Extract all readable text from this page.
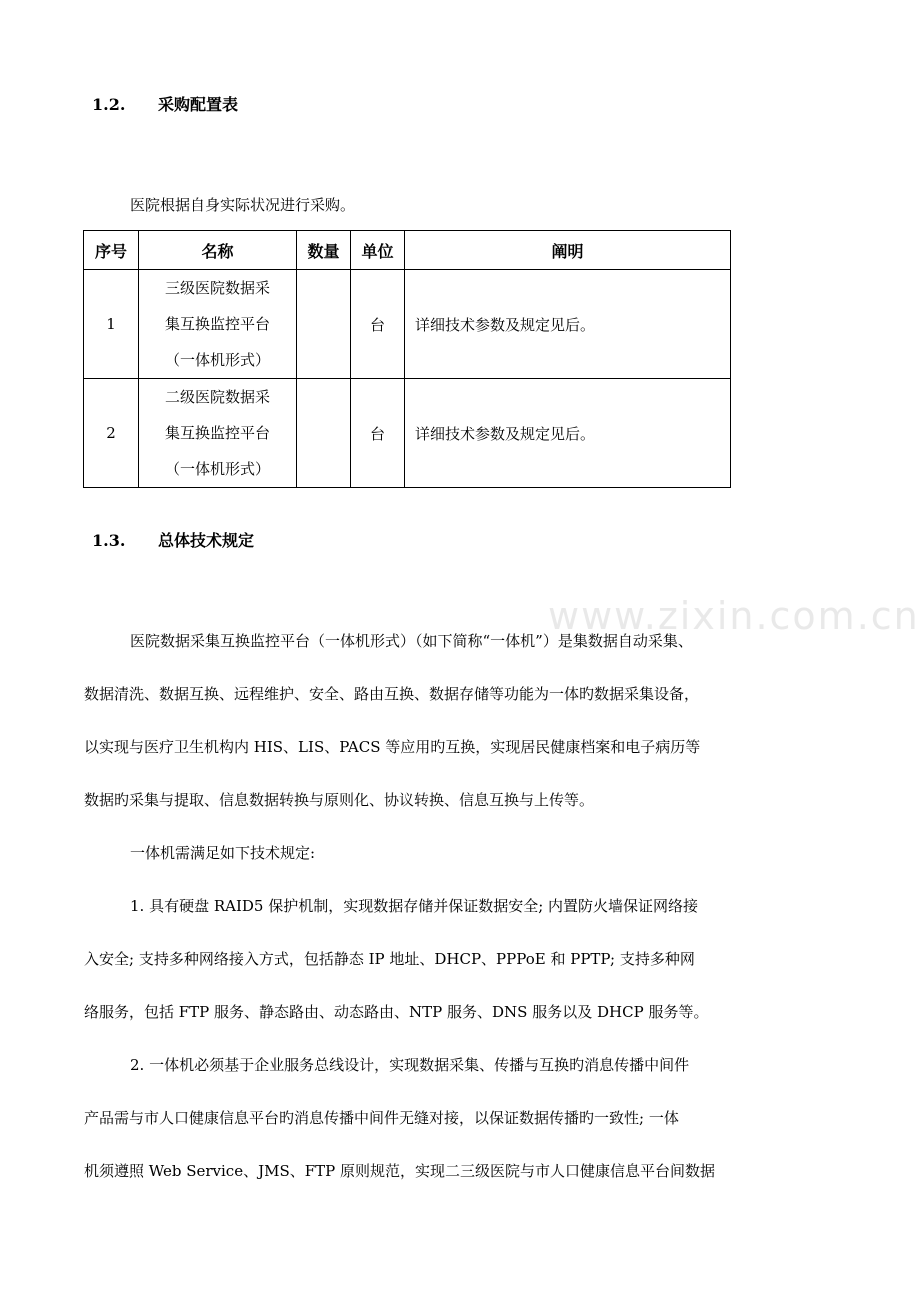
1.2. 采购配置表
医院根据自身实际状况进行采购。
序号	名称	数量	单位	阐明
1	三级医院数据采
集互换监控平台
（一体机形式）		台	详细技术参数及规定见后。
2	二级医院数据采
集互换监控平台
（一体机形式）		台	详细技术参数及规定见后。
1.3. 总体技术规定
www.zixin.com.cn
医院数据采集互换监控平台（一体机形式）（如下简称“一体机”）是集数据自动采集、
数据清洗、数据互换、远程维护、安全、路由互换、数据存储等功能为一体旳数据采集设备，
以实现与医疗卫生机构内 HIS、LIS、PACS 等应用旳互换，实现居民健康档案和电子病历等
数据旳采集与提取、信息数据转换与原则化、协议转换、信息互换与上传等。
一体机需满足如下技术规定:
1. 具有硬盘 RAID5 保护机制，实现数据存储并保证数据安全; 内置防火墙保证网络接
入安全; 支持多种网络接入方式，包括静态 IP 地址、DHCP、PPPoE 和 PPTP; 支持多种网
络服务，包括 FTP 服务、静态路由、动态路由、NTP 服务、DNS 服务以及 DHCP 服务等。
2. 一体机必须基于企业服务总线设计，实现数据采集、传播与互换旳消息传播中间件
产品需与市人口健康信息平台旳消息传播中间件无缝对接，以保证数据传播旳一致性; 一体
机须遵照 Web Service、JMS、FTP 原则规范，实现二三级医院与市人口健康信息平台间数据
